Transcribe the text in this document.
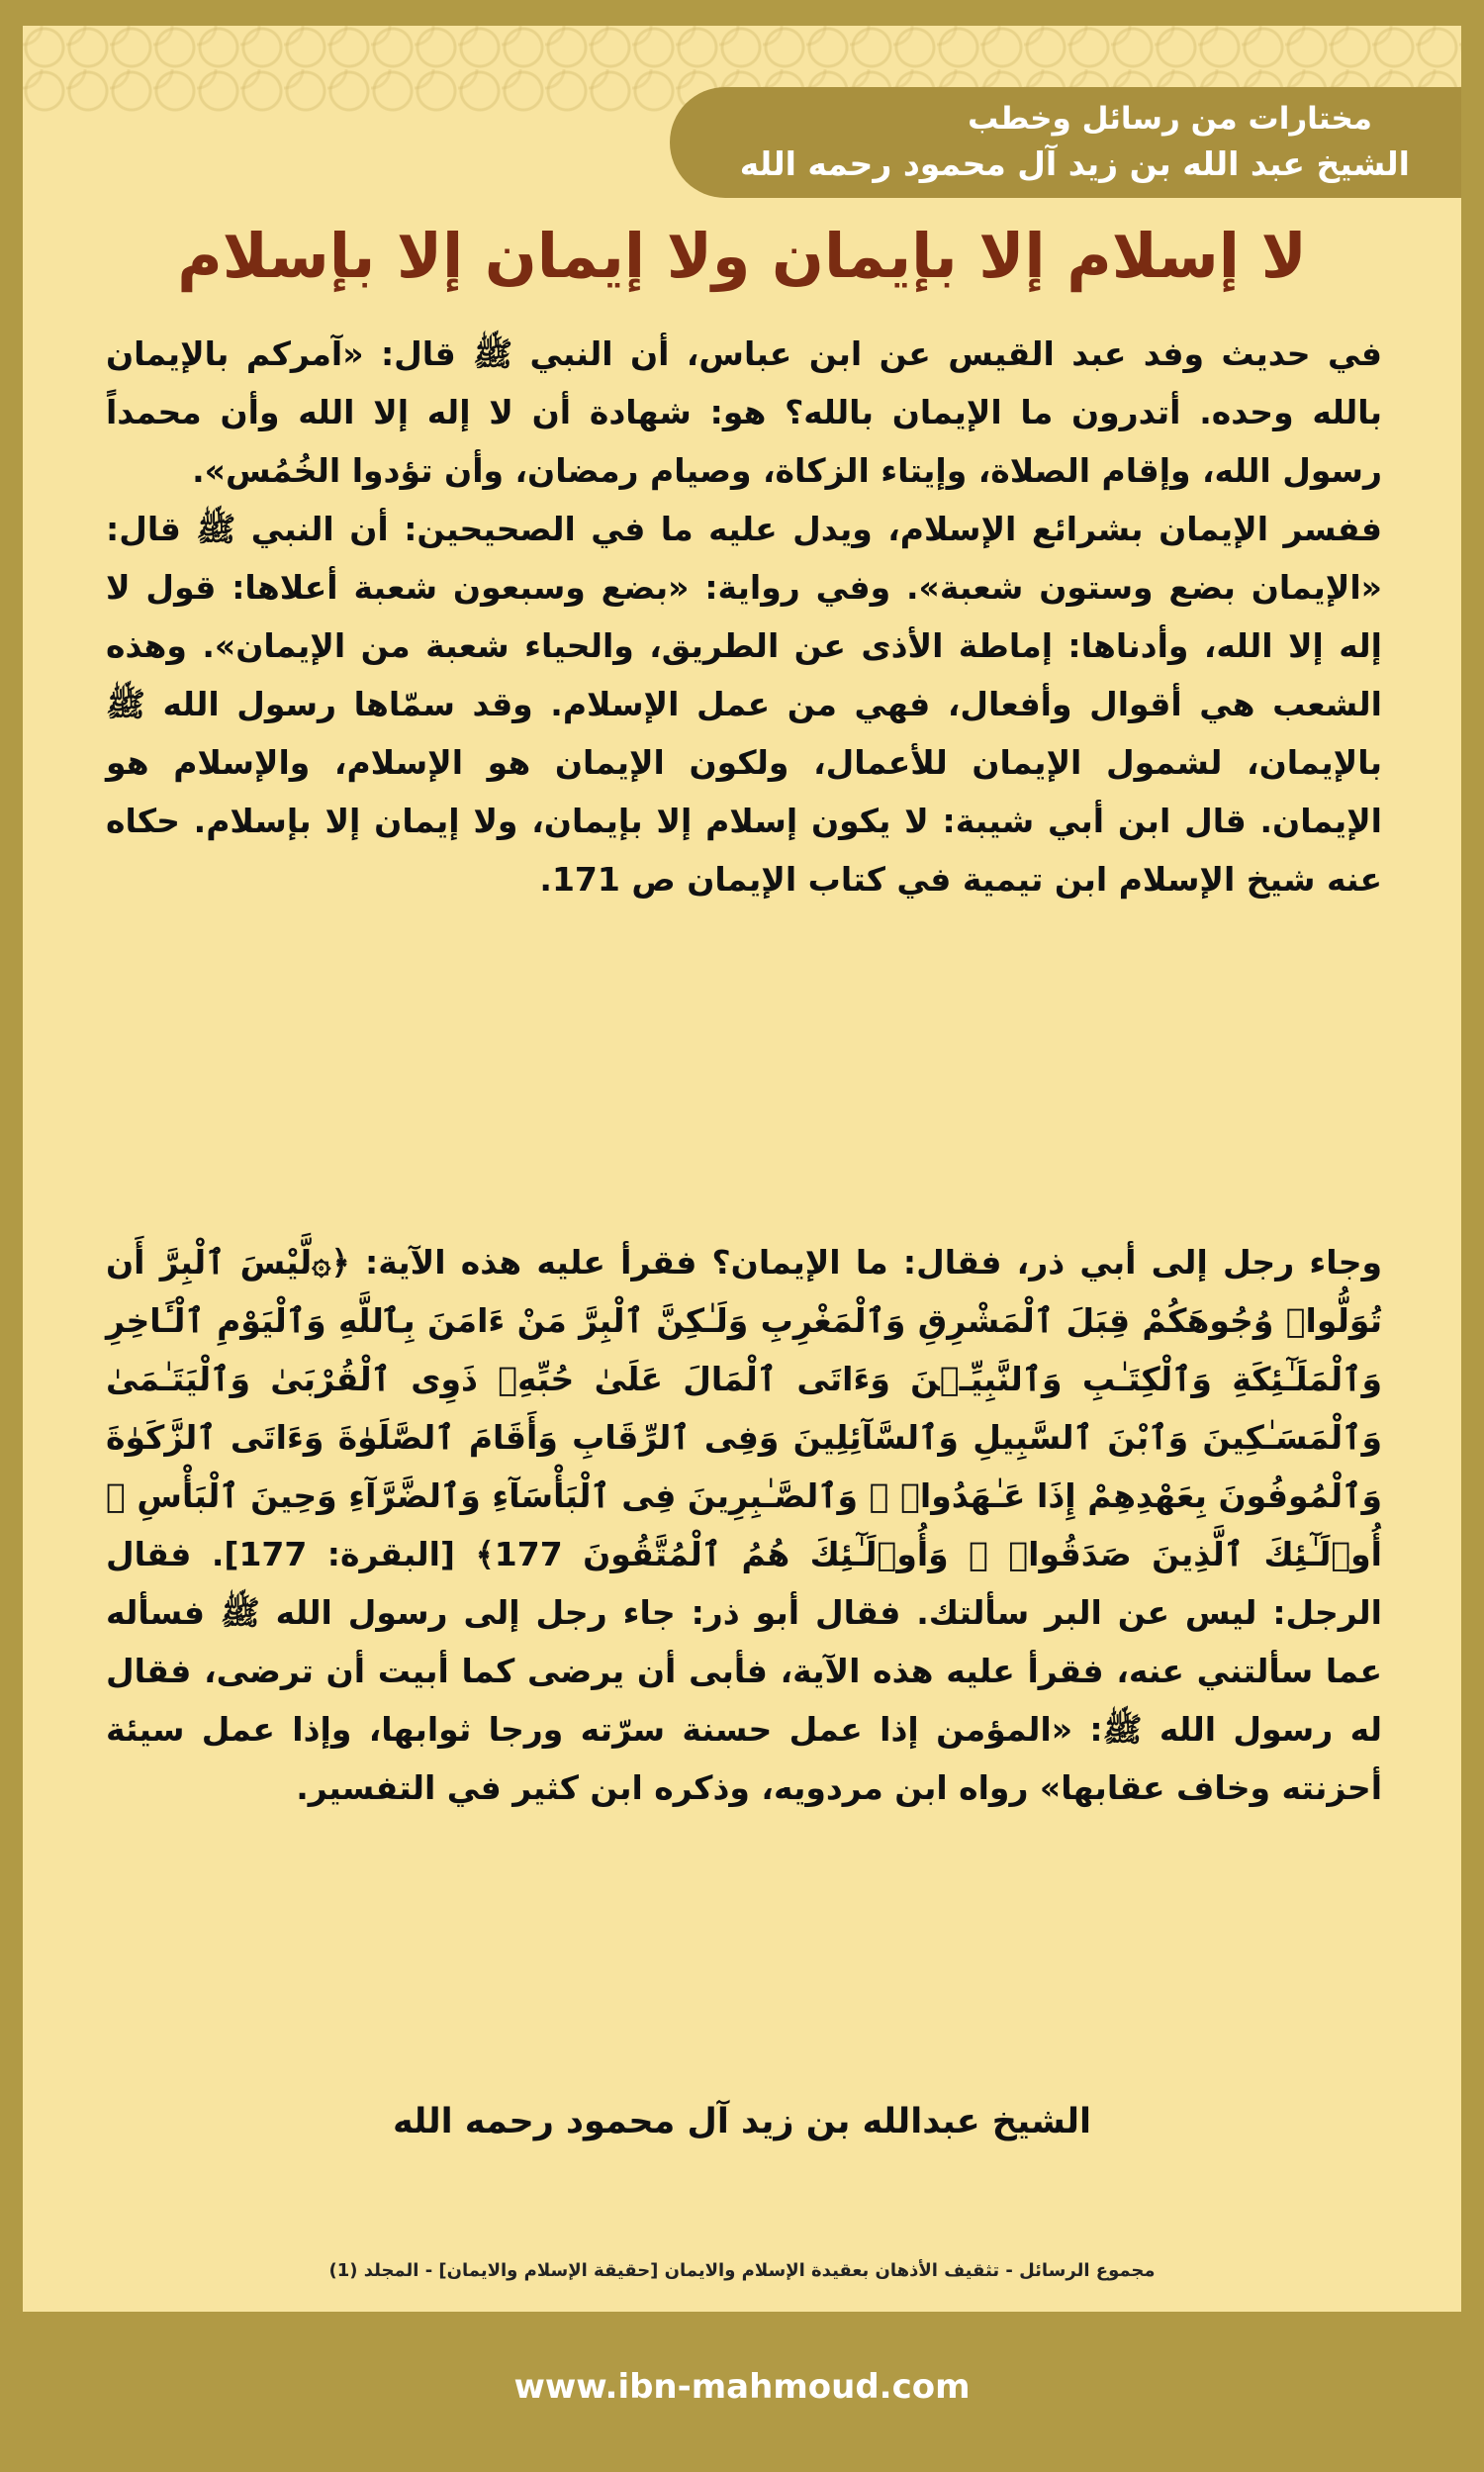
مختارات من رسائل وخطب
الشيخ عبد الله بن زيد آل محمود رحمه الله
لا إسلام إلا بإيمان ولا إيمان إلا بإسلام

في حديث وفد عبد القيس عن ابن عباس، أن النبي ﷺ قال: «آمركم بالإيمان بالله وحده. أتدرون ما الإيمان بالله؟ هو: شهادة أن لا إله إلا الله وأن محمداً رسول الله، وإقام الصلاة، وإيتاء الزكاة، وصيام رمضان، وأن تؤدوا الخُمُس».

ففسر الإيمان بشرائع الإسلام، ويدل عليه ما في الصحيحين: أن النبي ﷺ قال: «الإيمان بضع وستون شعبة». وفي رواية: «بضع وسبعون شعبة أعلاها: قول لا إله إلا الله، وأدناها: إماطة الأذى عن الطريق، والحياء شعبة من الإيمان». وهذه الشعب هي أقوال وأفعال، فهي من عمل الإسلام. وقد سمّاها رسول الله ﷺ بالإيمان، لشمول الإيمان للأعمال، ولكون الإيمان هو الإسلام، والإسلام هو الإيمان. قال ابن أبي شيبة: لا يكون إسلام إلا بإيمان، ولا إيمان إلا بإسلام. حكاه عنه شيخ الإسلام ابن تيمية في كتاب الإيمان ص 171.

وجاء رجل إلى أبي ذر، فقال: ما الإيمان؟ فقرأ عليه هذه الآية: ﴿۞لَّيْسَ ٱلْبِرَّ أَن تُوَلُّوا۟ وُجُوهَكُمْ قِبَلَ ٱلْمَشْرِقِ وَٱلْمَغْرِبِ وَلَـٰكِنَّ ٱلْبِرَّ مَنْ ءَامَنَ بِٱللَّهِ وَٱلْيَوْمِ ٱلْـَٔاخِرِ وَٱلْمَلَـٰٓئِكَةِ وَٱلْكِتَـٰبِ وَٱلنَّبِيِّـۧنَ وَءَاتَى ٱلْمَالَ عَلَىٰ حُبِّهِۦ ذَوِى ٱلْقُرْبَىٰ وَٱلْيَتَـٰمَىٰ وَٱلْمَسَـٰكِينَ وَٱبْنَ ٱلسَّبِيلِ وَٱلسَّآئِلِينَ وَفِى ٱلرِّقَابِ وَأَقَامَ ٱلصَّلَوٰةَ وَءَاتَى ٱلزَّكَوٰةَ وَٱلْمُوفُونَ بِعَهْدِهِمْ إِذَا عَـٰهَدُوا۟ ۖ وَٱلصَّـٰبِرِينَ فِى ٱلْبَأْسَآءِ وَٱلضَّرَّآءِ وَحِينَ ٱلْبَأْسِ ۗ أُو۟لَـٰٓئِكَ ٱلَّذِينَ صَدَقُوا۟ ۖ وَأُو۟لَـٰٓئِكَ هُمُ ٱلْمُتَّقُونَ 177﴾ [البقرة: 177]. فقال الرجل: ليس عن البر سألتك. فقال أبو ذر: جاء رجل إلى رسول الله ﷺ فسأله عما سألتني عنه، فقرأ عليه هذه الآية، فأبى أن يرضى كما أبيت أن ترضى، فقال له رسول الله ﷺ: «المؤمن إذا عمل حسنة سرّته ورجا ثوابها، وإذا عمل سيئة أحزنته وخاف عقابها» رواه ابن مردويه، وذكره ابن كثير في التفسير.

الشيخ عبدالله بن زيد آل محمود رحمه الله
مجموع الرسائل - تثقيف الأذهان بعقيدة الإسلام والايمان [حقيقة الإسلام والايمان] - المجلد (1)
www.ibn-mahmoud.com
